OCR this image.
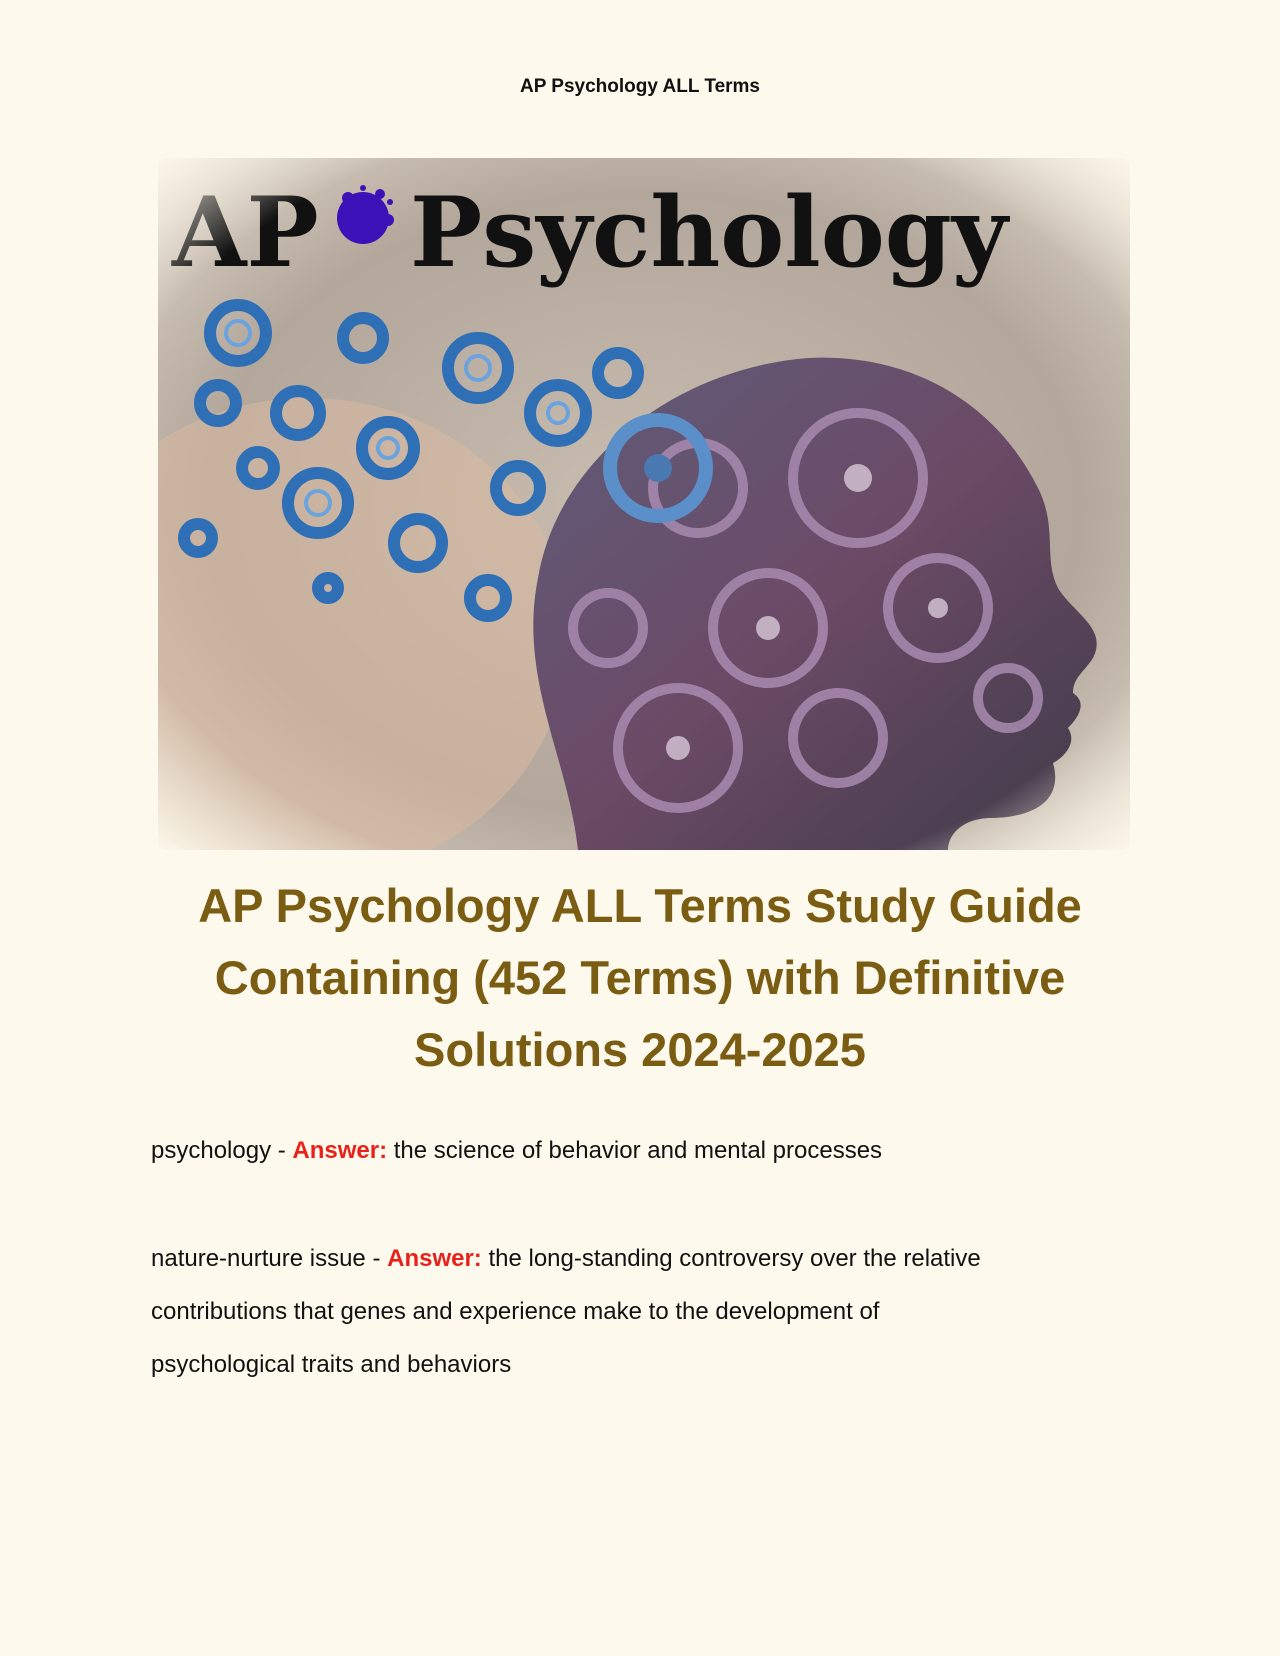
AP Psychology ALL Terms
AP Psychology ALL Terms Study Guide
Containing (452 Terms) with Definitive
Solutions 2024-2025
psychology - Answer: the science of behavior and mental processes
nature-nurture issue - Answer: the long-standing controversy over the relative
contributions that genes and experience make to the development of
psychological traits and behaviors
